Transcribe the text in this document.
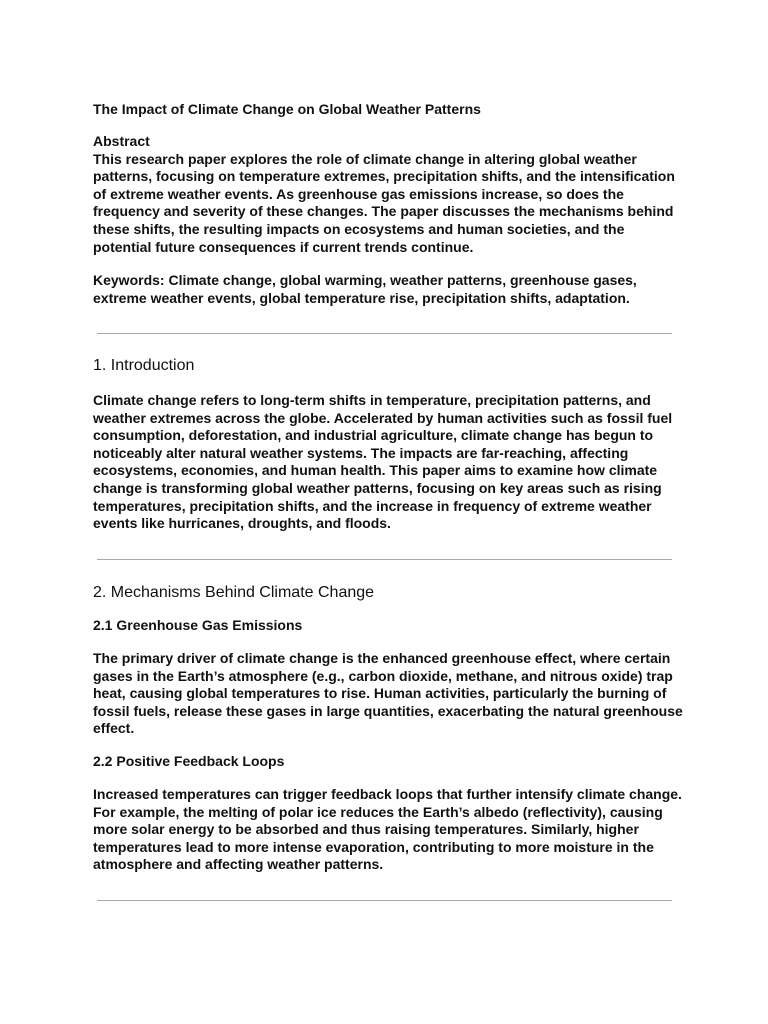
The Impact of Climate Change on Global Weather Patterns

Abstract

This research paper explores the role of climate change in altering global weather patterns, focusing on temperature extremes, precipitation shifts, and the intensification of extreme weather events. As greenhouse gas emissions increase, so does the frequency and severity of these changes. The paper discusses the mechanisms behind these shifts, the resulting impacts on ecosystems and human societies, and the potential future consequences if current trends continue.

Keywords: Climate change, global warming, weather patterns, greenhouse gases, extreme weather events, global temperature rise, precipitation shifts, adaptation.

1. Introduction

Climate change refers to long-term shifts in temperature, precipitation patterns, and weather extremes across the globe. Accelerated by human activities such as fossil fuel consumption, deforestation, and industrial agriculture, climate change has begun to noticeably alter natural weather systems. The impacts are far-reaching, affecting ecosystems, economies, and human health. This paper aims to examine how climate change is transforming global weather patterns, focusing on key areas such as rising temperatures, precipitation shifts, and the increase in frequency of extreme weather events like hurricanes, droughts, and floods.

2. Mechanisms Behind Climate Change
2.1 Greenhouse Gas Emissions

The primary driver of climate change is the enhanced greenhouse effect, where certain gases in the Earth’s atmosphere (e.g., carbon dioxide, methane, and nitrous oxide) trap heat, causing global temperatures to rise. Human activities, particularly the burning of fossil fuels, release these gases in large quantities, exacerbating the natural greenhouse effect.

2.2 Positive Feedback Loops

Increased temperatures can trigger feedback loops that further intensify climate change. For example, the melting of polar ice reduces the Earth’s albedo (reflectivity), causing more solar energy to be absorbed and thus raising temperatures. Similarly, higher temperatures lead to more intense evaporation, contributing to more moisture in the atmosphere and affecting weather patterns.
